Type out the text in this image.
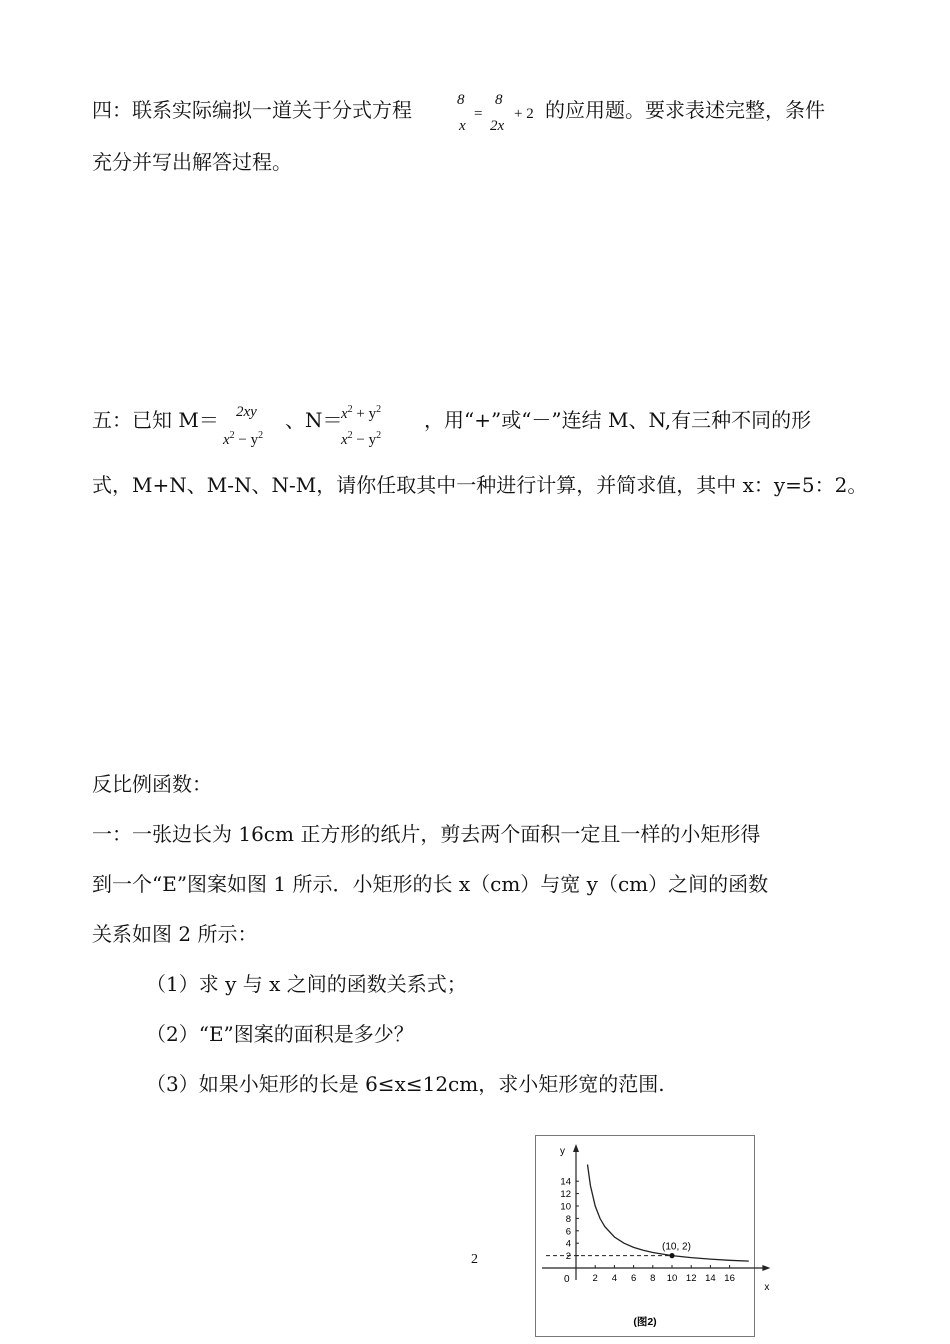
四：联系实际编拟一道关于分式方程	8
x
=
8
2x
+ 2 的应用题。要求表述完整，条件
充分并写出解答过程。
五：已知 M＝ 2xy
$x^2 - y^2$
、N＝
$x^2 + y^2$
$x^2 - y^2$
，用“+”或“－”连结 M、N,有三种不同的形
式，M+N、M-N、N-M，请你任取其中一种进行计算，并简求值，其中 x：y=5：2。
反比例函数：
一：一张边长为 16cm 正方形的纸片，剪去两个面积一定且一样的小矩形得
到一个“E”图案如图 1 所示．小矩形的长 x（cm）与宽 y（cm）之间的函数
关系如图 2 所示：
（1）求 y 与 x 之间的函数关系式；
（2）“E”图案的面积是多少？
（3）如果小矩形的长是 6≤x≤12cm，求小矩形宽的范围.
2
x
y
0 2 4 6 8 10 12 14 16
2
4
6
8
10
12
14
(10, 2)
(图2)
